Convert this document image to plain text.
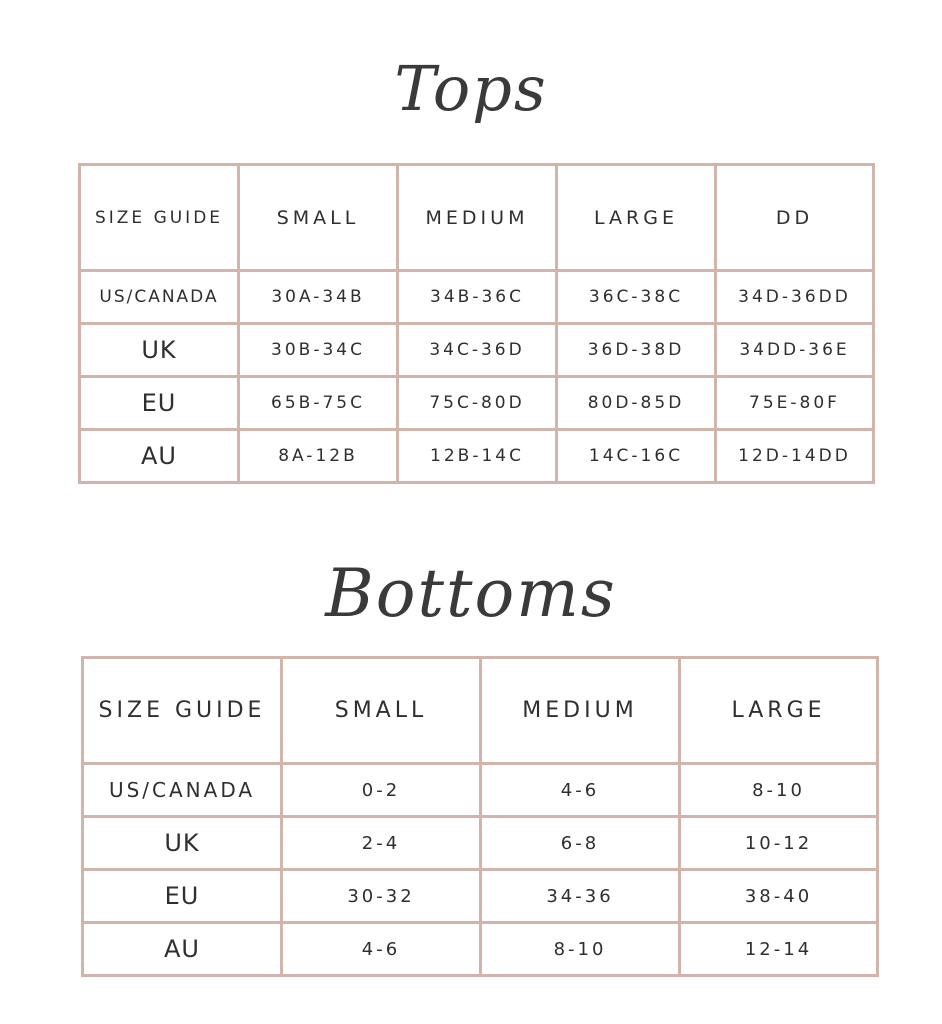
Tops
SIZE GUIDE	SMALL	MEDIUM	LARGE	DD
US/CANADA	30A-34B	34B-36C	36C-38C	34D-36DD
UK	30B-34C	34C-36D	36D-38D	34DD-36E
EU	65B-75C	75C-80D	80D-85D	75E-80F
AU	8A-12B	12B-14C	14C-16C	12D-14DD
Bottoms
SIZE GUIDE	SMALL	MEDIUM	LARGE
US/CANADA	0-2	4-6	8-10
UK	2-4	6-8	10-12
EU	30-32	34-36	38-40
AU	4-6	8-10	12-14
